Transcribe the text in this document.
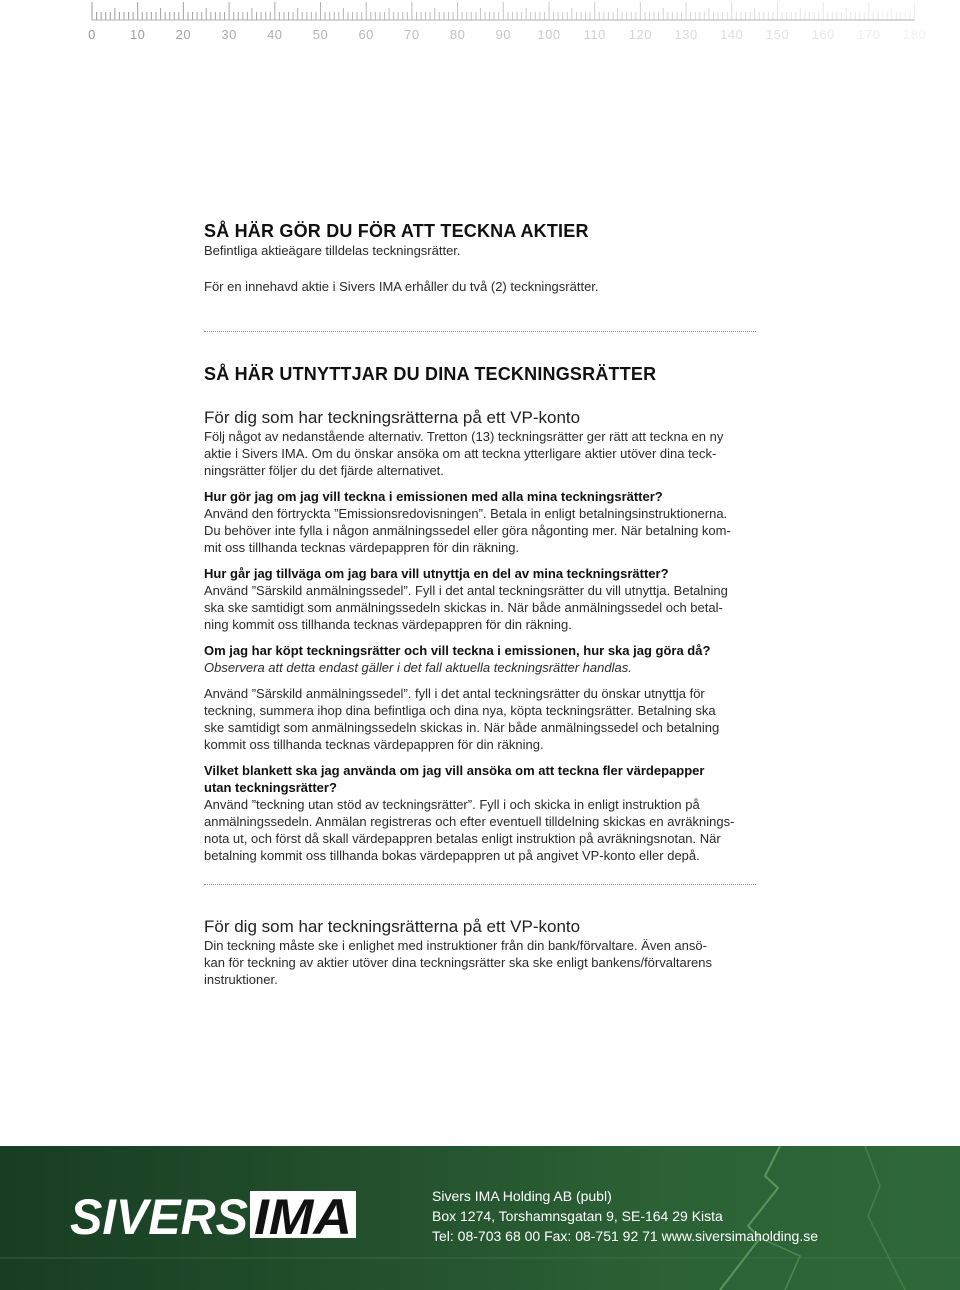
0	10 20 30 40 50 60 70 80 90 100 110 120 130 140 150 160 170 180
SÅ HÄR GÖR DU FÖR ATT TECKNA AKTIER

Befintliga aktieägare tilldelas teckningsrätter.

För en innehavd aktie i Sivers IMA erhåller du två (2) teckningsrätter.

SÅ HÄR UTNYTTJAR DU DINA TECKNINGSRÄTTER
För dig som har teckningsrätterna på ett VP-konto

Följ något av nedanstående alternativ. Tretton (13) teckningsrätter ger rätt att teckna en ny

aktie i Sivers IMA. Om du önskar ansöka om att teckna ytterligare aktier utöver dina teck-

ningsrätter följer du det fjärde alternativet.

Hur gör jag om jag vill teckna i emissionen med alla mina teckningsrätter?

Använd den förtryckta ”Emissionsredovisningen”. Betala in enligt betalningsinstruktionerna.

Du behöver inte fylla i någon anmälningssedel eller göra någonting mer. När betalning kom-

mit oss tillhanda tecknas värdepappren för din räkning.

Hur går jag tillväga om jag bara vill utnyttja en del av mina teckningsrätter?

Använd ”Särskild anmälningssedel”. Fyll i det antal teckningsrätter du vill utnyttja. Betalning

ska ske samtidigt som anmälningssedeln skickas in. När både anmälningssedel och betal-

ning kommit oss tillhanda tecknas värdepappren för din räkning.

Om jag har köpt teckningsrätter och vill teckna i emissionen, hur ska jag göra då?

Observera att detta endast gäller i det fall aktuella teckningsrätter handlas.

Använd ”Särskild anmälningssedel”. fyll i det antal teckningsrätter du önskar utnyttja för

teckning, summera ihop dina befintliga och dina nya, köpta teckningsrätter. Betalning ska

ske samtidigt som anmälningssedeln skickas in. När både anmälningssedel och betalning

kommit oss tillhanda tecknas värdepappren för din räkning.

Vilket blankett ska jag använda om jag vill ansöka om att teckna fler värdepapper

utan teckningsrätter?

Använd ”teckning utan stöd av teckningsrätter”. Fyll i och skicka in enligt instruktion på

anmälningssedeln. Anmälan registreras och efter eventuell tilldelning skickas en avräknings-

nota ut, och först då skall värdepappren betalas enligt instruktion på avräkningsnotan. När

betalning kommit oss tillhanda bokas värdepappren ut på angivet VP-konto eller depå.

För dig som har teckningsrätterna på ett VP-konto

Din teckning måste ske i enlighet med instruktioner från din bank/förvaltare. Även ansö-

kan för teckning av aktier utöver dina teckningsrätter ska ske enligt bankens/förvaltarens

instruktioner.

SIVERS IMA	Sivers IMA Holding AB (publ)
Box 1274, Torshamnsgatan 9, SE-164 29 Kista
Tel: 08-703 68 00 Fax: 08-751 92 71 www.siversimaholding.se
